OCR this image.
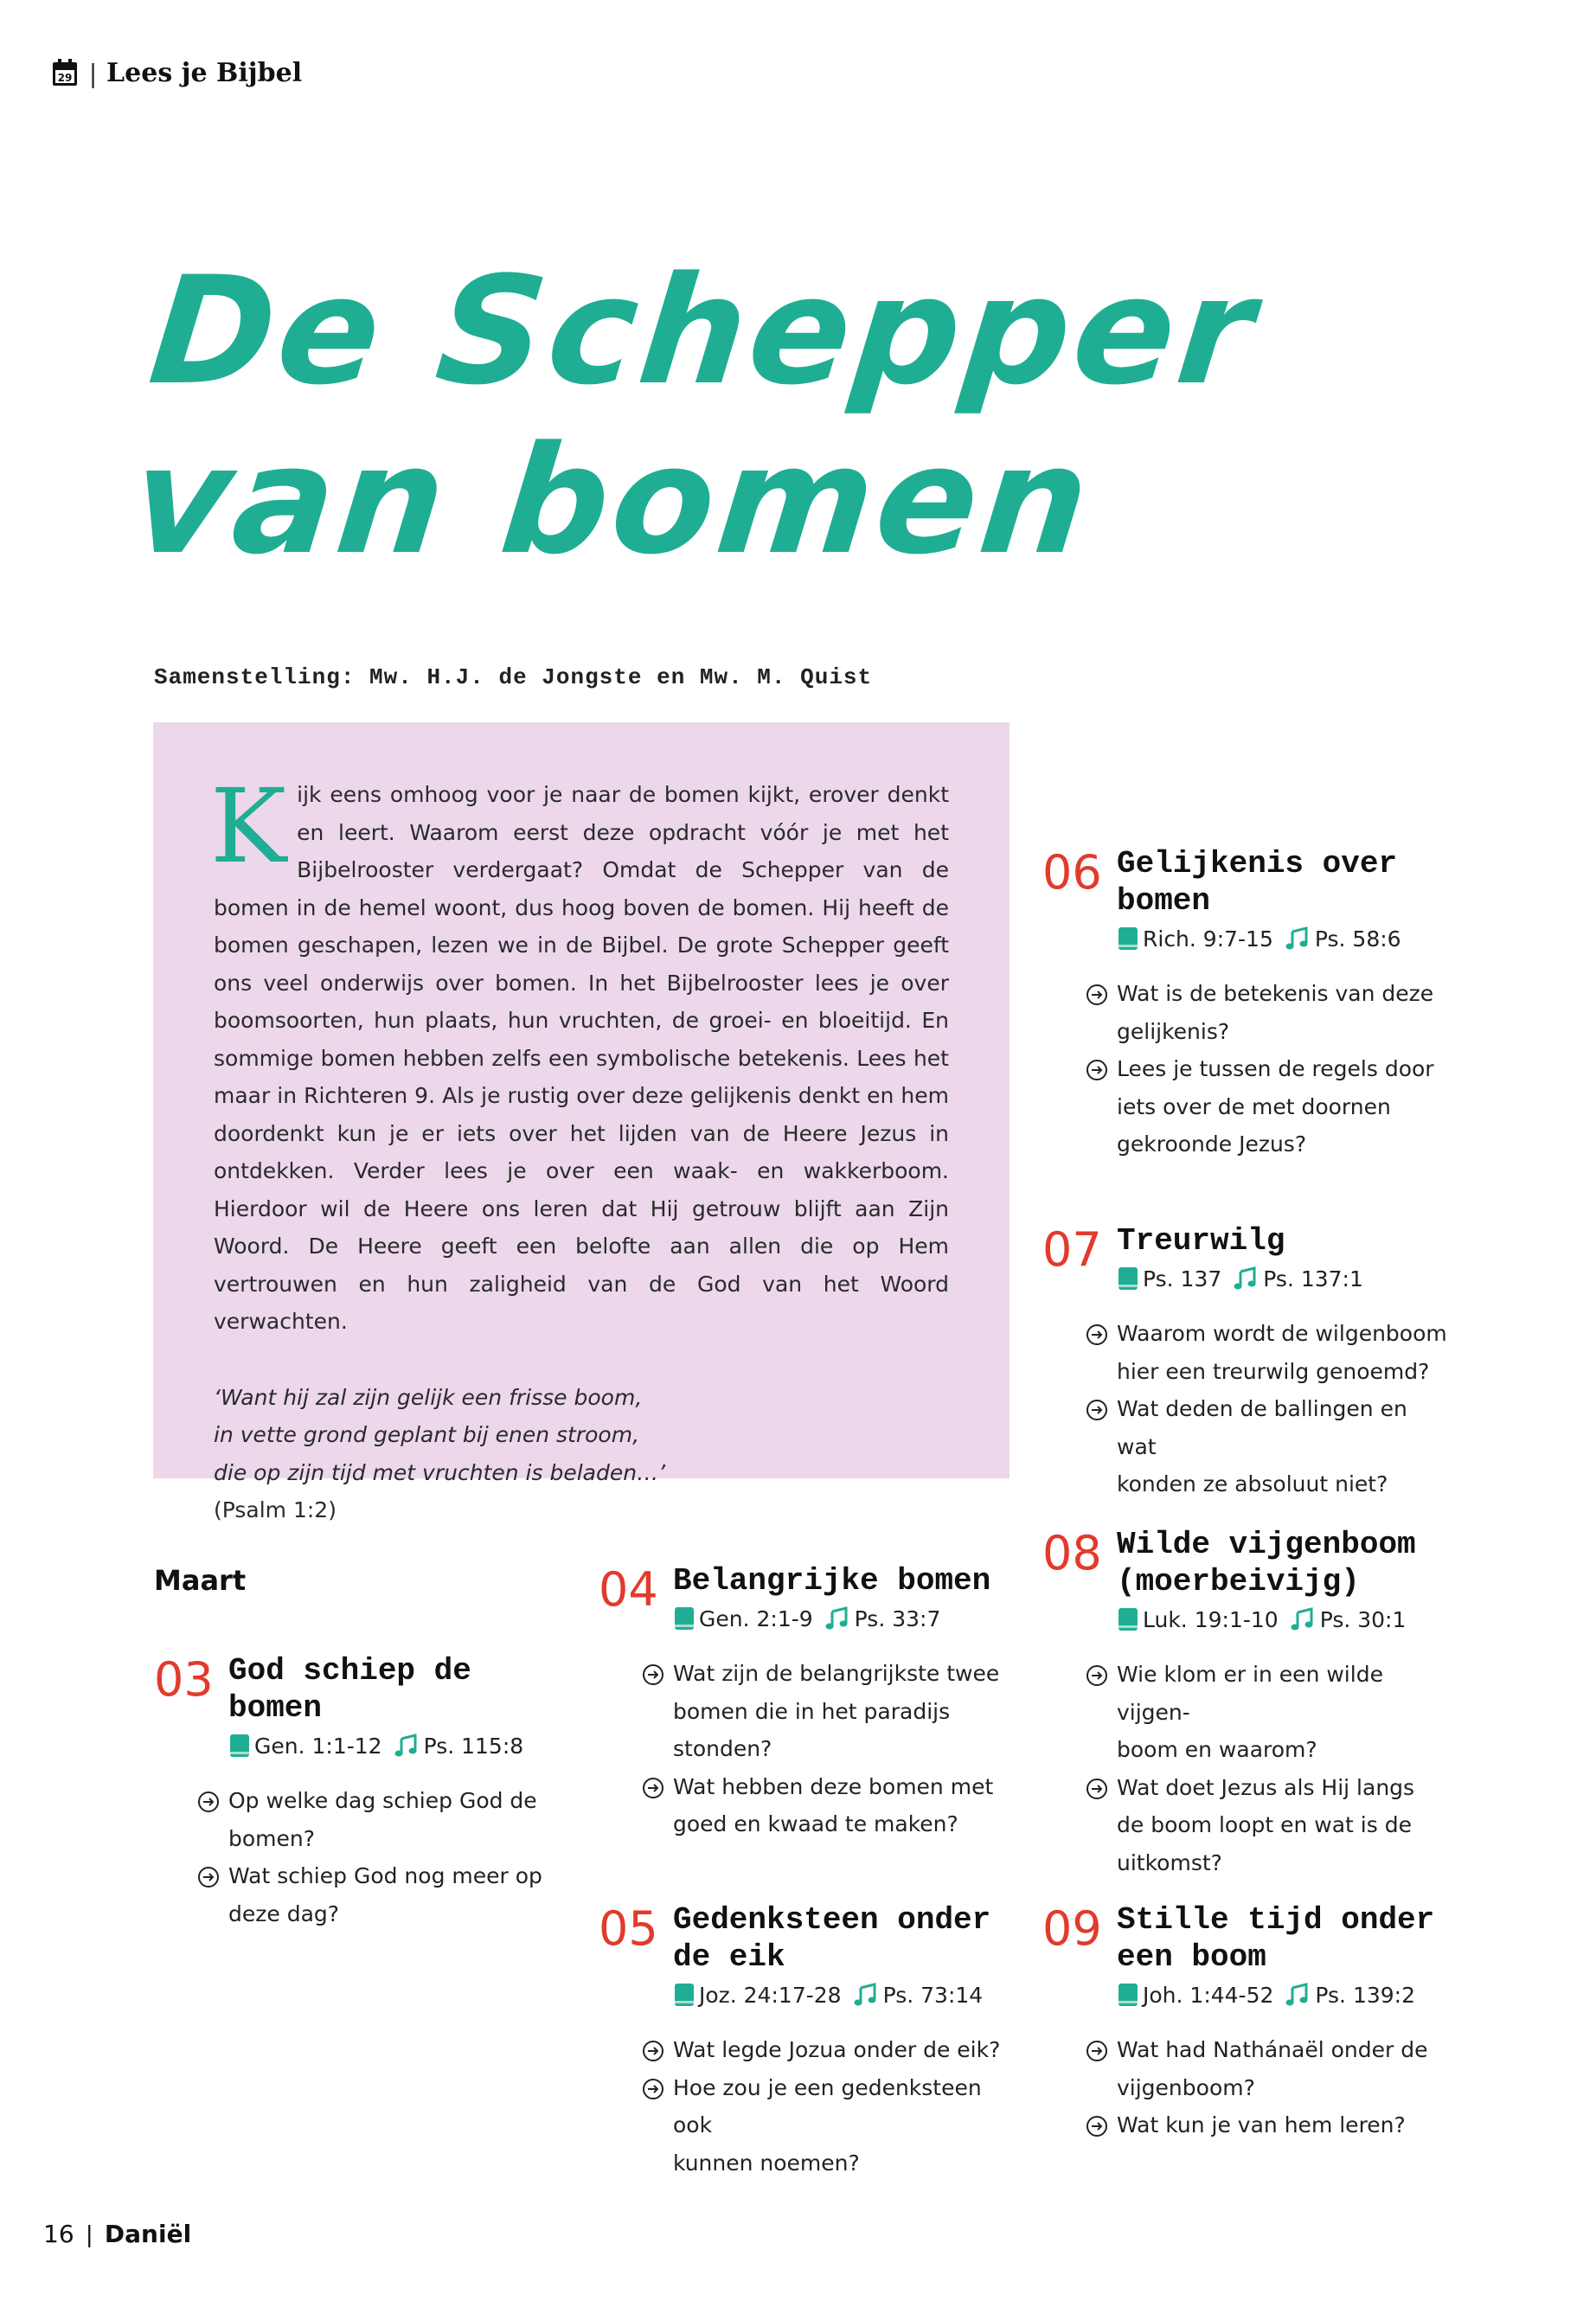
29 | Lees je Bijbel
De Schepper
van bomen
Samenstelling: Mw. H.J. de Jongste en Mw. M. Quist

Kijk eens omhoog voor je naar de bomen kijkt, erover denkt en leert. Waarom eerst deze opdracht vóór je met het Bijbelrooster verdergaat? Omdat de Schepper van de bomen in de hemel woont, dus hoog boven de bomen. Hij heeft de bomen geschapen, lezen we in de Bijbel. De grote Schepper geeft ons veel onderwijs over bomen. In het Bijbelrooster lees je over boomsoorten, hun plaats, hun vruchten, de groei- en bloeitijd. En sommige bomen hebben zelfs een symbolische betekenis. Lees het maar in Richteren 9. Als je rustig over deze gelijkenis denkt en hem doordenkt kun je er iets over het lijden van de Heere Jezus in ontdekken. Verder lees je over een waak- en wakkerboom. Hierdoor wil de Heere ons leren dat Hij getrouw blijft aan Zijn Woord. De Heere geeft een belofte aan allen die op Hem vertrouwen en hun zaligheid van de God van het Woord verwachten.

‘Want hij zal zijn gelijk een frisse boom,
in vette grond geplant bij enen stroom,
die op zijn tijd met vruchten is beladen…’
(Psalm 1:2)
Maart
03 God schiep de bomen
Gen. 1:1-12 Ps. 115:8
Op welke dag schiep God de
bomen?
Wat schiep God nog meer op
deze dag?
04 Belangrijke bomen
Gen. 2:1-9 Ps. 33:7
Wat zijn de belangrijkste twee
bomen die in het paradijs
stonden?
Wat hebben deze bomen met
goed en kwaad te maken?
05 Gedenksteen onder de eik
Joz. 24:17-28 Ps. 73:14
Wat legde Jozua onder de eik?
Hoe zou je een gedenksteen ook
kunnen noemen?
06 Gelijkenis over bomen
Rich. 9:7-15 Ps. 58:6
Wat is de betekenis van deze
gelijkenis?
Lees je tussen de regels door
iets over de met doornen
gekroonde Jezus?
07 Treurwilg
Ps. 137 Ps. 137:1
Waarom wordt de wilgenboom
hier een treurwilg genoemd?
Wat deden de ballingen en wat
konden ze absoluut niet?
08 Wilde vijgenboom (moerbeivijg)
Luk. 19:1-10 Ps. 30:1
Wie klom er in een wilde vijgen-
boom en waarom?
Wat doet Jezus als Hij langs
de boom loopt en wat is de
uitkomst?
09 Stille tijd onder een boom
Joh. 1:44-52 Ps. 139:2
Wat had Nathánaël onder de
vijgenboom?
Wat kun je van hem leren?
16 | Daniël
